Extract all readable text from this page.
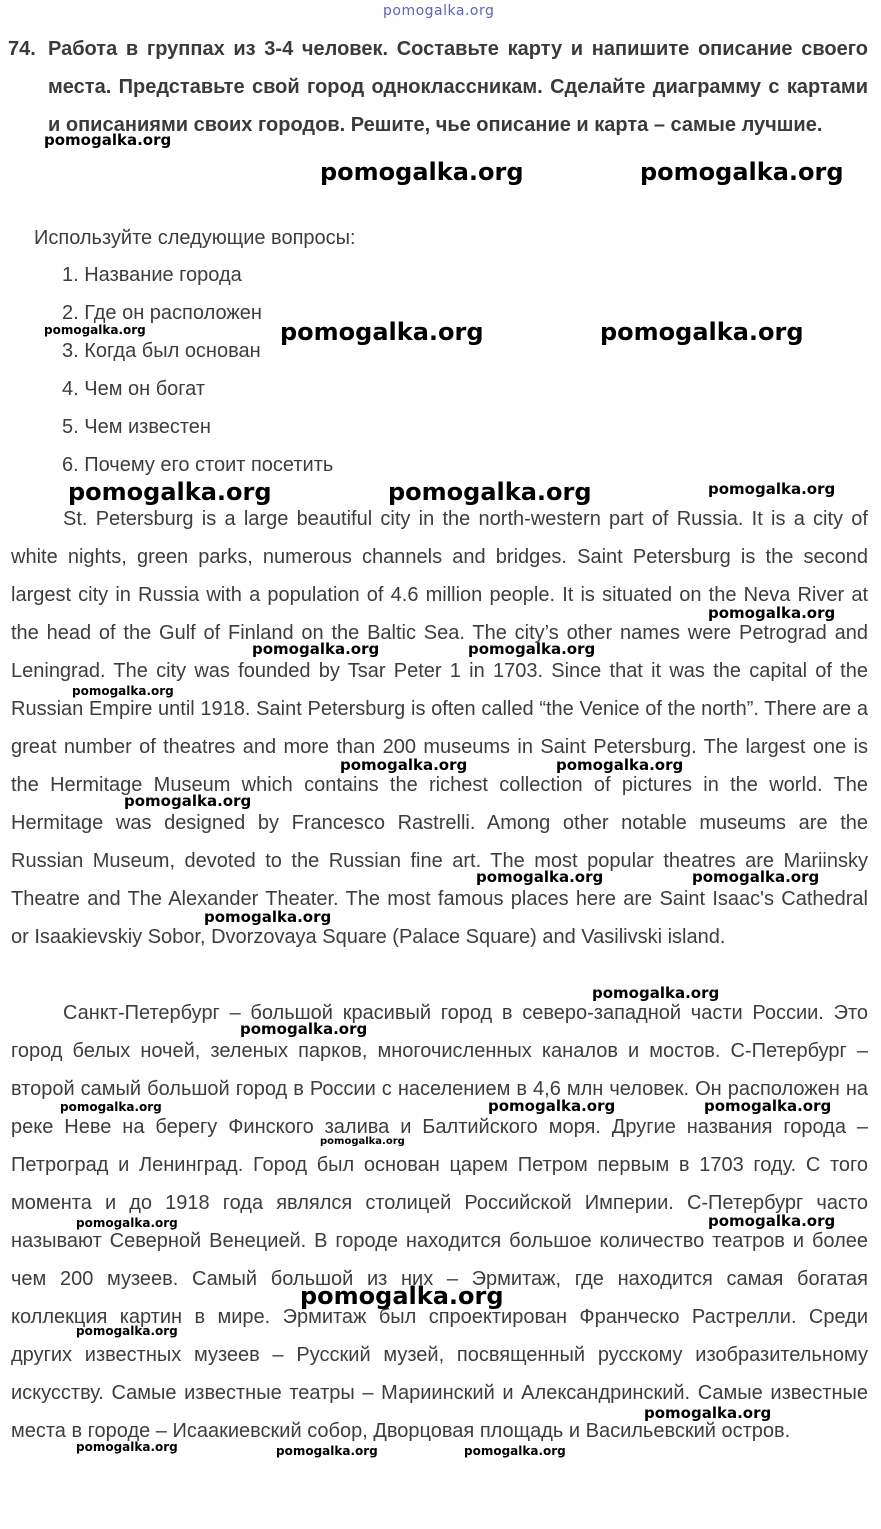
pomogalka.org
74. Работа в группах из 3-4 человек. Составьте карту и напишите описание своего места. Представьте свой город одноклассникам. Сделайте диаграмму с картами и описаниями своих городов. Решите, чье описание и карта – самые лучшие.
Используйте следующие вопросы:
1. Название города
2. Где он расположен
3. Когда был основан
4. Чем он богат
5. Чем известен
6. Почему его стоит посетить

St. Petersburg is a large beautiful city in the north-western part of Russia. It is a city of white nights, green parks, numerous channels and bridges. Saint Petersburg is the second largest city in Russia with a population of 4.6 million people. It is situated on the Neva River at the head of the Gulf of Finland on the Baltic Sea. The city’s other names were Petrograd and Leningrad. The city was founded by Tsar Peter 1 in 1703. Since that it was the capital of the Russian Empire until 1918. Saint Petersburg is often called “the Venice of the north”. There are a great number of theatres and more than 200 museums in Saint Petersburg. The largest one is the Hermitage Museum which contains the richest collection of pictures in the world. The Hermitage was designed by Francesco Rastrelli. Among other notable museums are the Russian Museum, devoted to the Russian fine art. The most popular theatres are Mariinsky Theatre and The Alexander Theater. The most famous places here are Saint Isaac's Cathedral or Isaakievskiy Sobor, Dvorzovaya Square (Palace Square) and Vasilivski island.

Санкт-Петербург – большой красивый город в северо-западной части России. Это город белых ночей, зеленых парков, многочисленных каналов и мостов. С-Петербург – второй самый большой город в России с населением в 4,6 млн человек. Он расположен на реке Неве на берегу Финского залива и Балтийского моря. Другие названия города – Петроград и Ленинград. Город был основан царем Петром первым в 1703 году. С того момента и до 1918 года являлся столицей Российской Империи. С-Петербург часто называют Северной Венецией. В городе находится большое количество театров и более чем 200 музеев. Самый большой из них – Эрмитаж, где находится самая богатая коллекция картин в мире. Эрмитаж был спроектирован Франческо Растрелли. Среди других известных музеев – Русский музей, посвященный русскому изобразительному искусству. Самые известные театры – Мариинский и Александринский. Самые известные места в городе – Исаакиевский собор, Дворцовая площадь и Васильевский остров.

pomogalka.org
pomogalka.org	pomogalka.org
pomogalka.org	pomogalka.org	pomogalka.org
pomogalka.org	pomogalka.org	pomogalka.org
pomogalka.org
pomogalka.org	pomogalka.org
pomogalka.org
pomogalka.org	pomogalka.org
pomogalka.org
pomogalka.org	pomogalka.org
pomogalka.org
pomogalka.org
pomogalka.org
pomogalka.org	pomogalka.org	pomogalka.org
pomogalka.org
pomogalka.org	pomogalka.org
pomogalka.org
pomogalka.org
pomogalka.org
pomogalka.org	pomogalka.org	pomogalka.org
